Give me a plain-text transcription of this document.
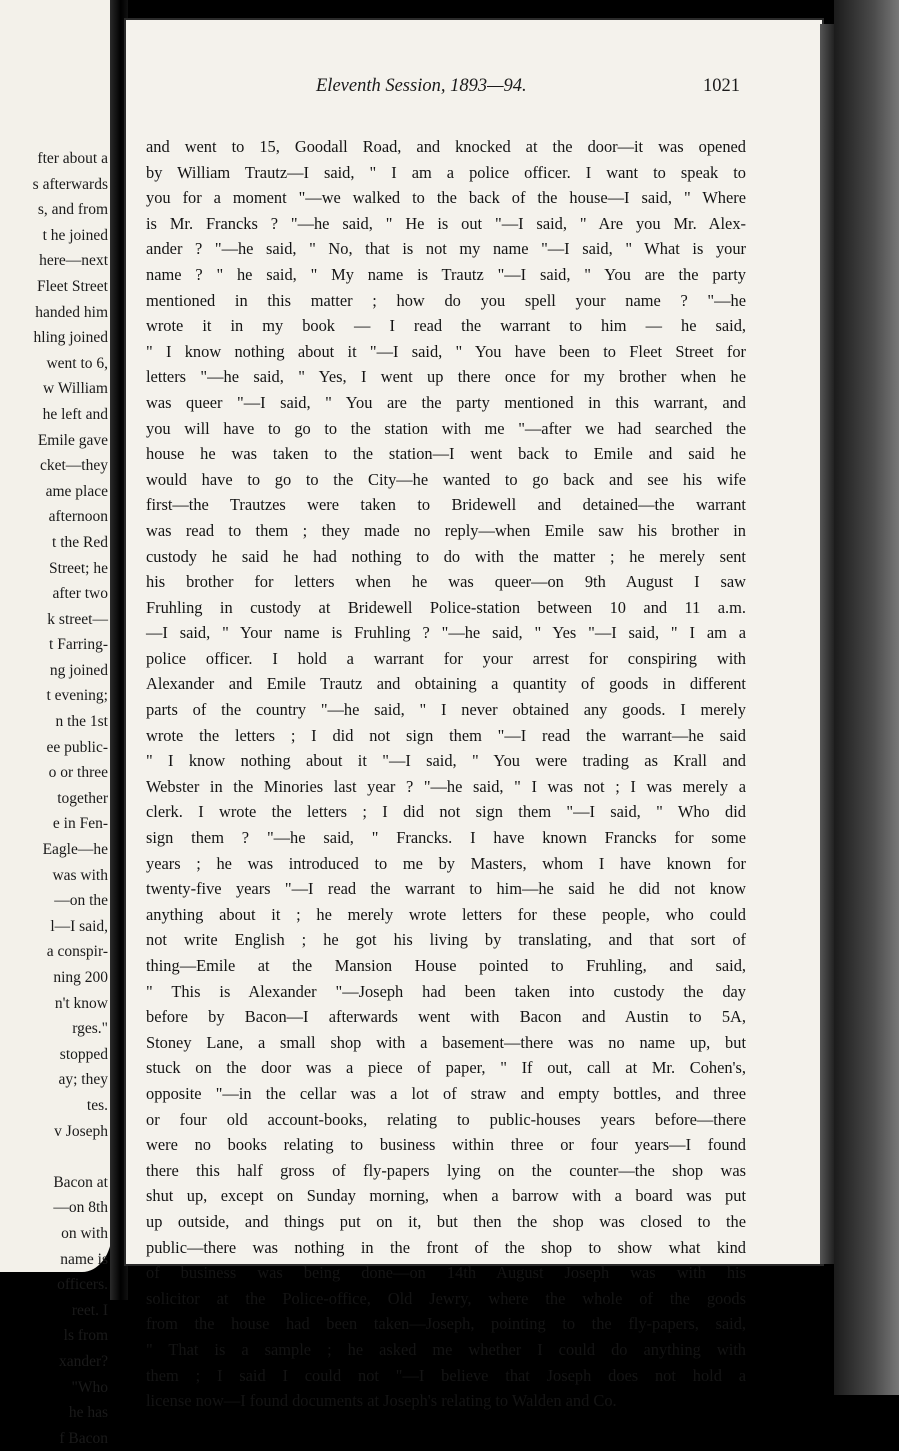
fter about a
s afterwards
s, and from
t he joined
here—next
Fleet Street
handed him
hling joined
went to 6,
w William
he left and
Emile gave
cket—they
ame place
afternoon
t the Red
Street; he
after two
k street—
t Farring-
ng joined
t evening;
n the 1st
ee public-
o or three
together
e in Fen-
Eagle—he
was with
—on the
l—I said,
a conspir-
ning 200
n't know
rges."
stopped
ay; they
tes.
v Joseph
Bacon at
—on 8th
on with
name is
officers.
reet. I
ls from
xander?
"Who
he has
f Bacon
Eleventh Session, 1893—94.	1021
and went to 15, Goodall Road, and knocked at the door—it was opened
by William Trautz—I said, " I am a police officer. I want to speak to
you for a moment "—we walked to the back of the house—I said, " Where
is Mr. Francks ? "—he said, " He is out "—I said, " Are you Mr. Alex-
ander ? "—he said, " No, that is not my name "—I said, " What is your
name ? " he said, " My name is Trautz "—I said, " You are the party
mentioned in this matter ; how do you spell your name ? "—he
wrote it in my book — I read the warrant to him — he said,
" I know nothing about it "—I said, " You have been to Fleet Street for
letters "—he said, " Yes, I went up there once for my brother when he
was queer "—I said, " You are the party mentioned in this warrant, and
you will have to go to the station with me "—after we had searched the
house he was taken to the station—I went back to Emile and said he
would have to go to the City—he wanted to go back and see his wife
first—the Trautzes were taken to Bridewell and detained—the warrant
was read to them ; they made no reply—when Emile saw his brother in
custody he said he had nothing to do with the matter ; he merely sent
his brother for letters when he was queer—on 9th August I saw
Fruhling in custody at Bridewell Police-station between 10 and 11 a.m.
—I said, " Your name is Fruhling ? "—he said, " Yes "—I said, " I am a
police officer. I hold a warrant for your arrest for conspiring with
Alexander and Emile Trautz and obtaining a quantity of goods in different
parts of the country "—he said, " I never obtained any goods. I merely
wrote the letters ; I did not sign them "—I read the warrant—he said
" I know nothing about it "—I said, " You were trading as Krall and
Webster in the Minories last year ? "—he said, " I was not ; I was merely a
clerk. I wrote the letters ; I did not sign them "—I said, " Who did
sign them ? "—he said, " Francks. I have known Francks for some
years ; he was introduced to me by Masters, whom I have known for
twenty-five years "—I read the warrant to him—he said he did not know
anything about it ; he merely wrote letters for these people, who could
not write English ; he got his living by translating, and that sort of
thing—Emile at the Mansion House pointed to Fruhling, and said,
" This is Alexander "—Joseph had been taken into custody the day
before by Bacon—I afterwards went with Bacon and Austin to 5A,
Stoney Lane, a small shop with a basement—there was no name up, but
stuck on the door was a piece of paper, " If out, call at Mr. Cohen's,
opposite "—in the cellar was a lot of straw and empty bottles, and three
or four old account-books, relating to public-houses years before—there
were no books relating to business within three or four years—I found
there this half gross of fly-papers lying on the counter—the shop was
shut up, except on Sunday morning, when a barrow with a board was put
up outside, and things put on it, but then the shop was closed to the
public—there was nothing in the front of the shop to show what kind
of business was being done—on 14th August Joseph was with his
solicitor at the Police-office, Old Jewry, where the whole of the goods
from the house had been taken—Joseph, pointing to the fly-papers, said,
" That is a sample ; he asked me whether I could do anything with
them ; I said I could not "—I believe that Joseph does not hold a
license now—I found documents at Joseph's relating to Walden and Co.
